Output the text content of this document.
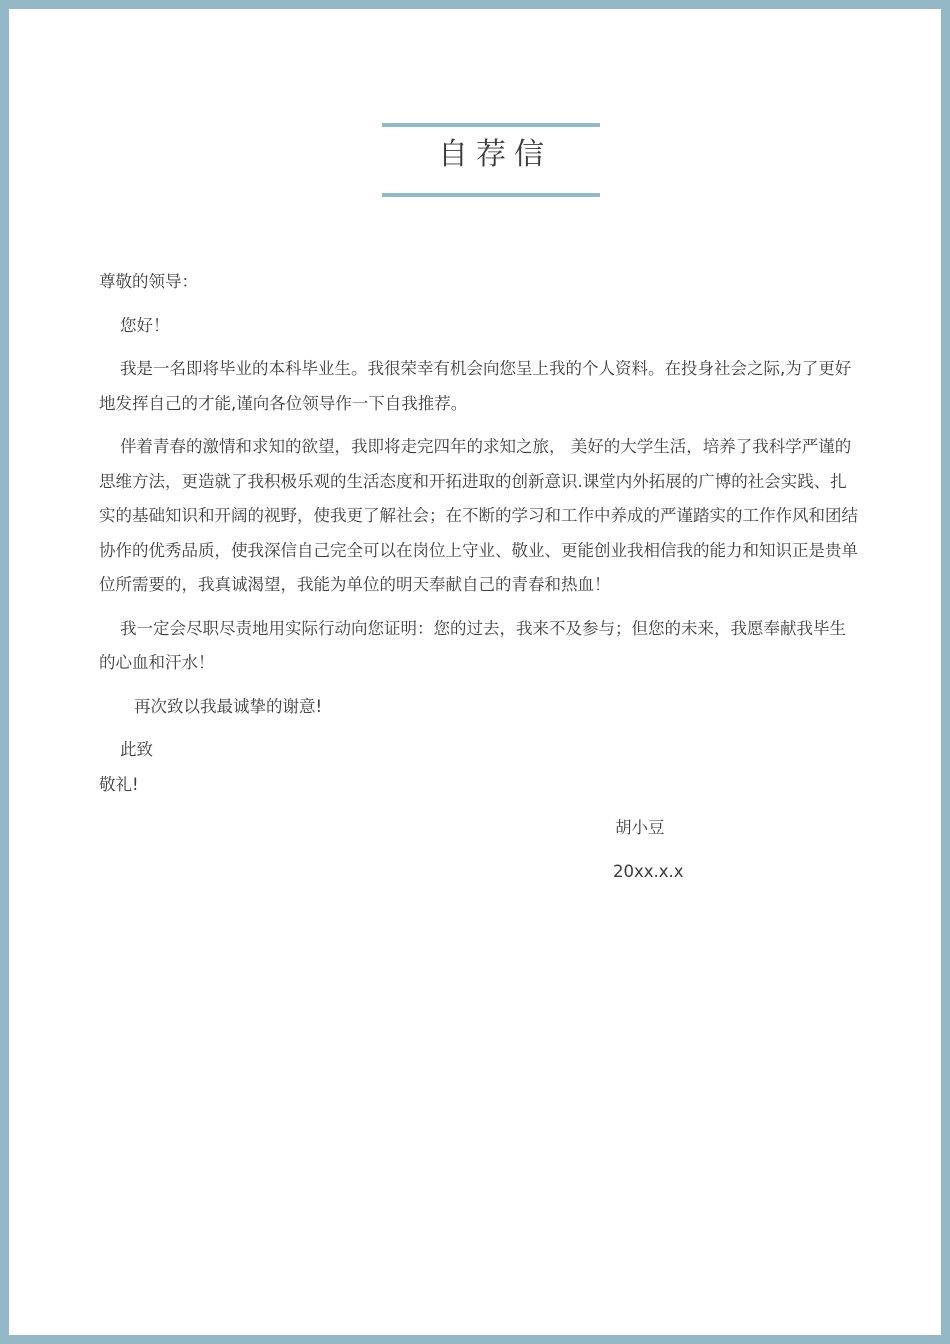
自荐信

尊敬的领导：

您好！

我是一名即将毕业的本科毕业生。我很荣幸有机会向您呈上我的个人资料。在投身社会之际,为了更好地发挥自己的才能,谨向各位领导作一下自我推荐。

伴着青春的激情和求知的欲望，我即将走完四年的求知之旅， 美好的大学生活，培养了我科学严谨的思维方法，更造就了我积极乐观的生活态度和开拓进取的创新意识.课堂内外拓展的广博的社会实践、扎实的基础知识和开阔的视野，使我更了解社会；在不断的学习和工作中养成的严谨踏实的工作作风和团结协作的优秀品质，使我深信自己完全可以在岗位上守业、敬业、更能创业我相信我的能力和知识正是贵单位所需要的，我真诚渴望，我能为单位的明天奉献自己的青春和热血！

我一定会尽职尽责地用实际行动向您证明：您的过去，我来不及参与；但您的未来，我愿奉献我毕生的心血和汗水！

再次致以我最诚挚的谢意!

此致

敬礼!

胡小豆

20xx.x.x
